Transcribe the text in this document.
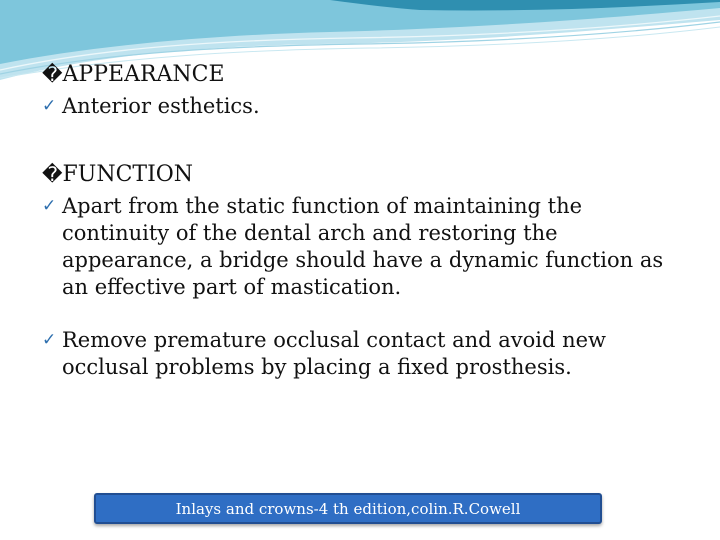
�APPEARANCE
✓ Anterior esthetics.
�FUNCTION
✓ Apart from the static function of maintaining the continuity of the dental arch and restoring the appearance, a bridge should have a dynamic function as an effective part of mastication.
✓ Remove premature occlusal contact and avoid new occlusal problems by placing a fixed prosthesis.
Inlays and crowns-4 th edition,colin.R.Cowell
